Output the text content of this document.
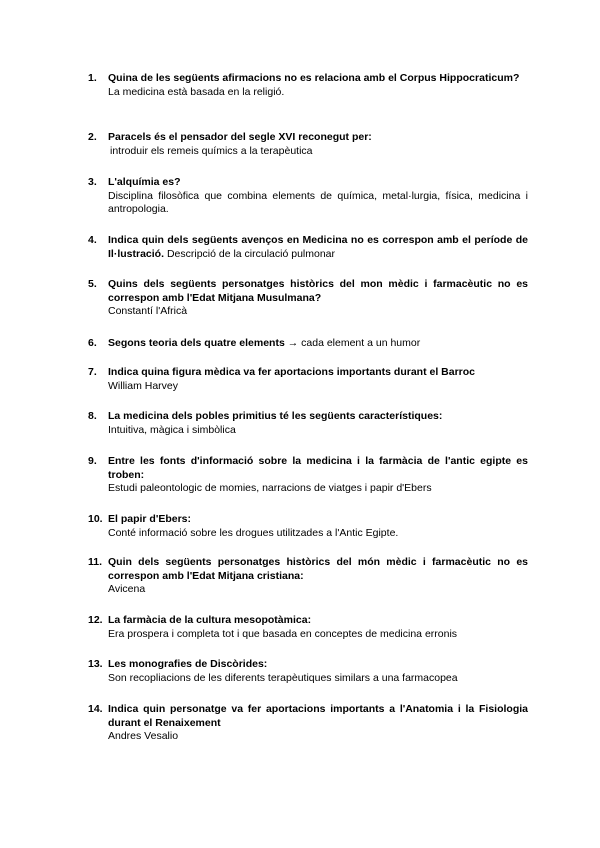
1. Quina de les següents afirmacions no es relaciona amb el Corpus Hippocraticum?
La medicina està basada en la religió.
2. Paracels és el pensador del segle XVI reconegut per:
introduir els remeis químics a la terapèutica
3. L'alquímia es?
Disciplina filosòfica que combina elements de química, metal·lurgia, física, medicina i antropologia.
4. Indica quin dels següents avenços en Medicina no es correspon amb el període de Il·lustració. Descripció de la circulació pulmonar
5. Quins dels següents personatges històrics del mon mèdic i farmacèutic no es correspon amb l'Edat Mitjana Musulmana?
Constantí l'Africà
6. Segons teoria dels quatre elements → cada element a un humor
7. Indica quina figura mèdica va fer aportacions importants durant el Barroc
William Harvey
8. La medicina dels pobles primitius té les següents característiques:
Intuitiva, màgica i simbòlica
9. Entre les fonts d'informació sobre la medicina i la farmàcia de l'antic egipte es troben:
Estudi paleontologic de momies, narracions de viatges i papir d'Ebers
10. El papir d'Ebers:
Conté informació sobre les drogues utilitzades a l'Antic Egipte.
11. Quin dels següents personatges històrics del món mèdic i farmacèutic no es correspon amb l'Edat Mitjana cristiana:
Avicena
12. La farmàcia de la cultura mesopotàmica:
Era prospera i completa tot i que basada en conceptes de medicina erronis
13. Les monografies de Discòrides:
Son recopliacions de les diferents terapèutiques similars a una farmacopea
14. Indica quin personatge va fer aportacions importants a l'Anatomia i la Fisiologia durant el Renaixement
Andres Vesalio
